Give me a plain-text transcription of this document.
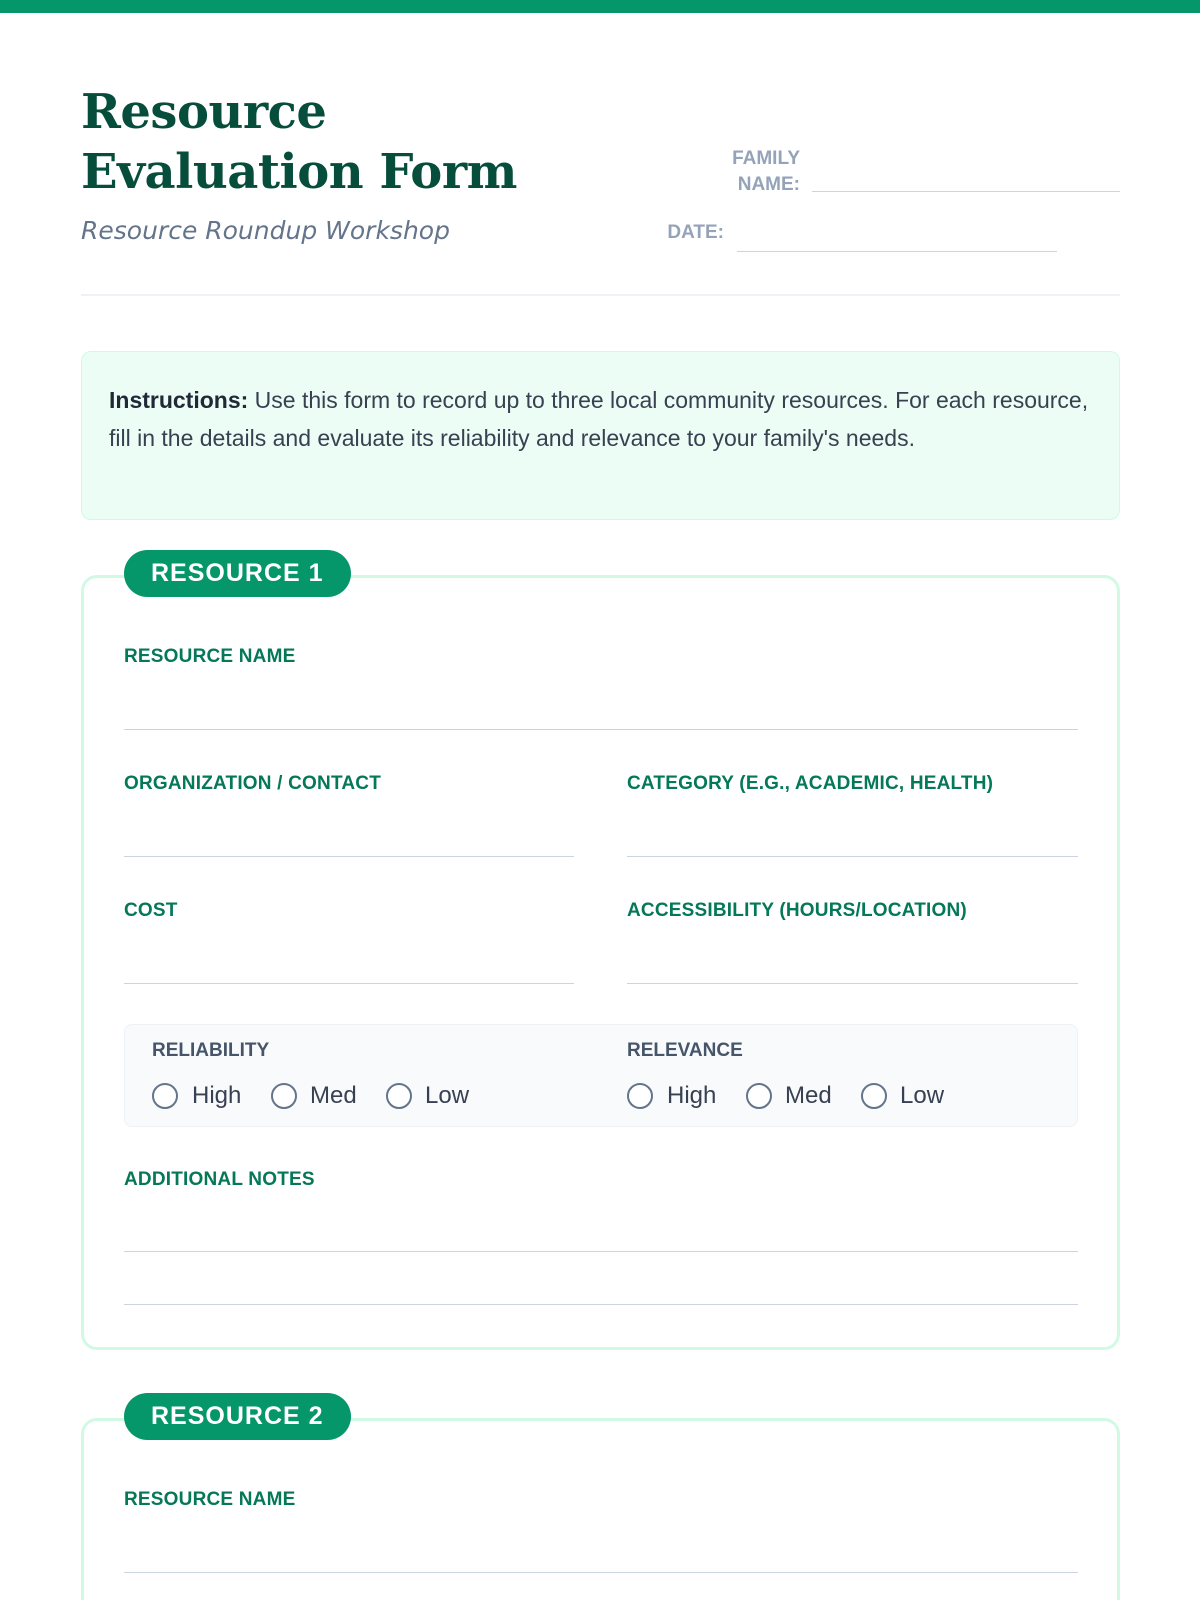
Resource Evaluation Form
Resource Roundup Workshop
FAMILY
NAME:
DATE:
Instructions: Use this form to record up to three local community resources. For each resource, fill in the details and evaluate its reliability and relevance to your family's needs.
RESOURCE 1
RESOURCE NAME
ORGANIZATION / CONTACT	CATEGORY (E.G., ACADEMIC, HEALTH)
COST	ACCESSIBILITY (HOURS/LOCATION)
RELIABILITY
High	Med	Low
RELEVANCE
High	Med	Low
ADDITIONAL NOTES
RESOURCE 2
RESOURCE NAME
